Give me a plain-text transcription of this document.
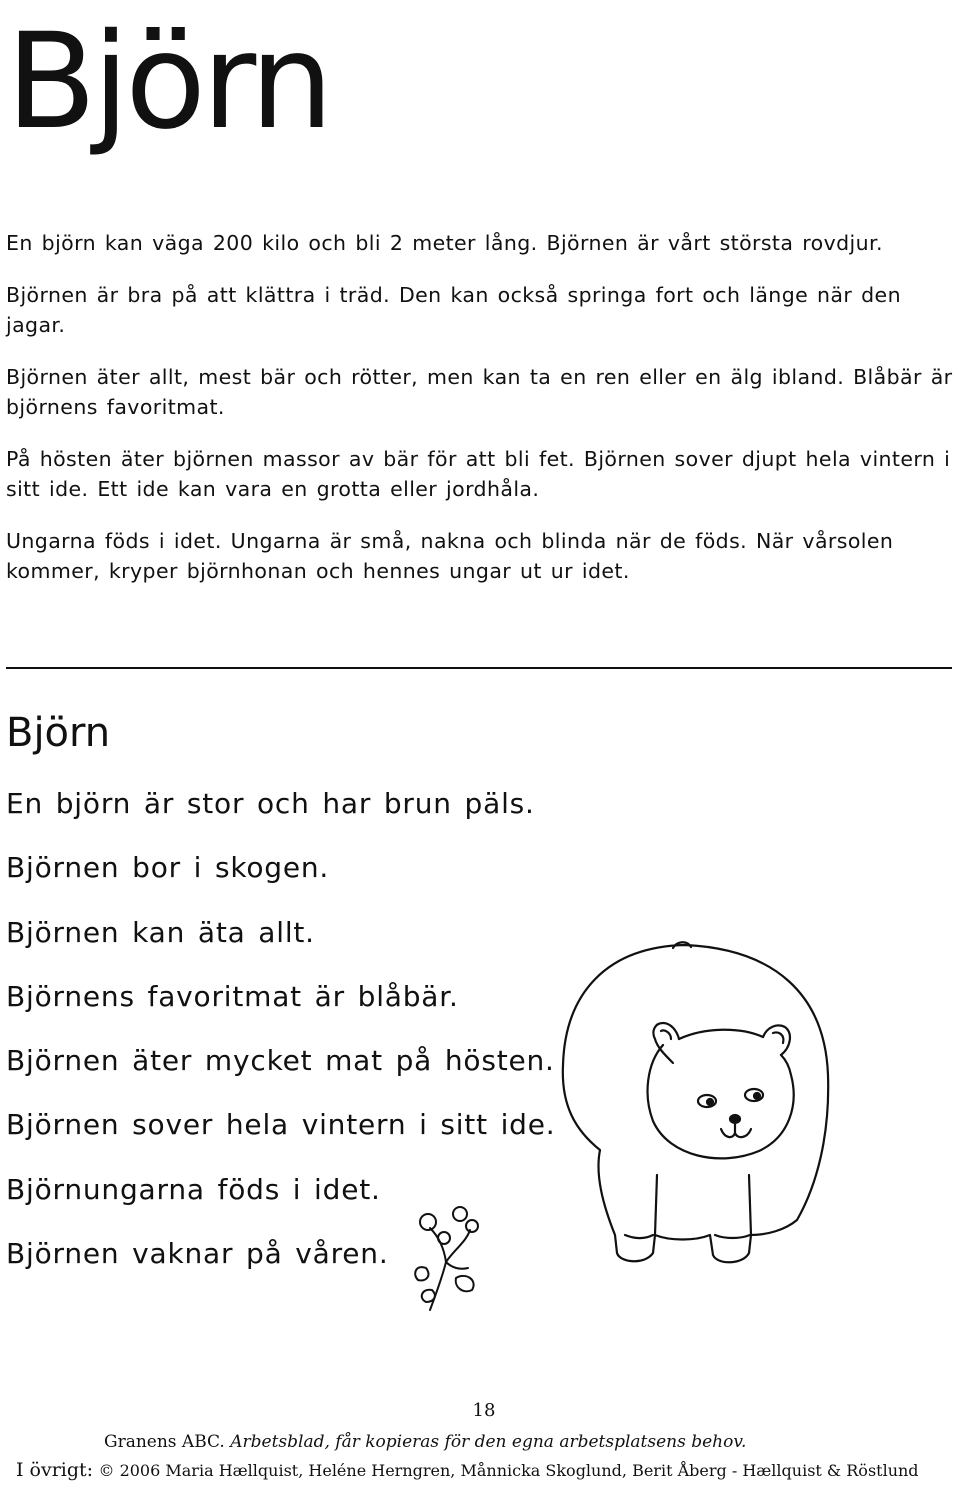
Björn

En björn kan väga 200 kilo och bli 2 meter lång. Björnen är vårt största rovdjur.

Björnen är bra på att klättra i träd. Den kan också springa fort och länge när den jagar.

Björnen äter allt, mest bär och rötter, men kan ta en ren eller en älg ibland. Blåbär är björnens favoritmat.

På hösten äter björnen massor av bär för att bli fet. Björnen sover djupt hela vintern i sitt ide. Ett ide kan vara en grotta eller jordhåla.

Ungarna föds i idet. Ungarna är små, nakna och blinda när de föds. När vårsolen kommer, kryper björnhonan och hennes ungar ut ur idet.

Björn
En björn är stor och har brun päls.
Björnen bor i skogen.
Björnen kan äta allt.
Björnens favoritmat är blåbär.
Björnen äter mycket mat på hösten.
Björnen sover hela vintern i sitt ide.
Björnungarna föds i idet.
Björnen vaknar på våren.
18
Granens ABC. Arbetsblad, får kopieras för den egna arbetsplatsens behov.
I övrigt: © 2006 Maria Hællquist, Heléne Herngren, Månnicka Skoglund, Berit Åberg - Hællquist & Röstlund
